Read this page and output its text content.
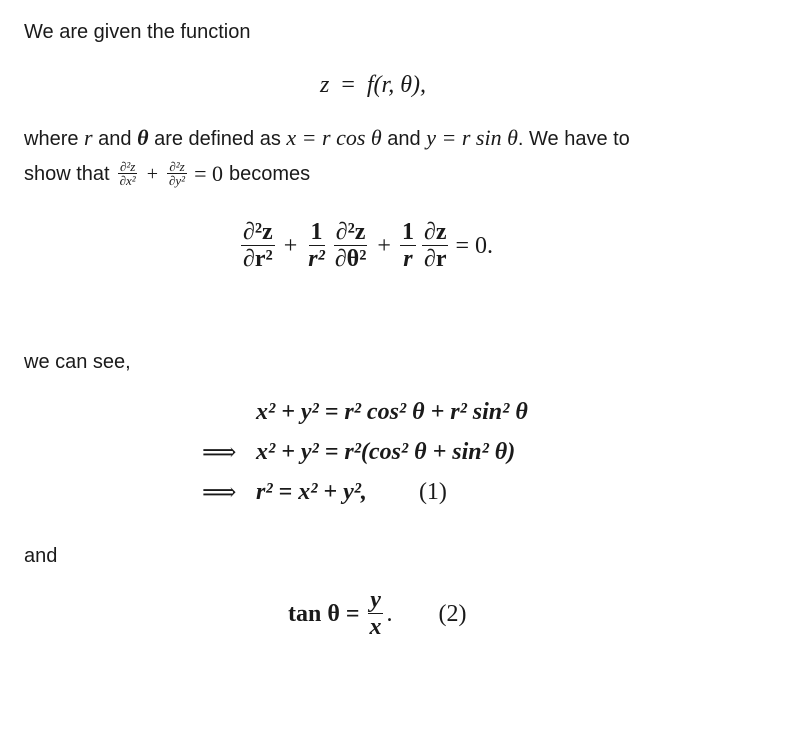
We are given the function
z = f(r, θ),
where r and θ are defined as x = r cos θ and y = r sin θ. We have to
show that $\frac{\text{∂²z}}{\text{∂x²}} + \frac{\text{∂²z}}{\text{∂y²}} = 0$ becomes
$\frac{\text{∂²z}}{\text{∂r²}} + \frac{1}{\text{r²}} \frac{\text{∂²z}}{\text{∂θ²}} + \frac{1}{r} \frac{\partial z}{\partial r} = 0$.
we can see,
x² + y² = r² cos² θ + r² sin² θ
⟹ x² + y² = r²(cos² θ + sin² θ)
⟹ r² = x² + y², (1)
and
$\tan \theta = \frac{y}{x}$ . (2)
